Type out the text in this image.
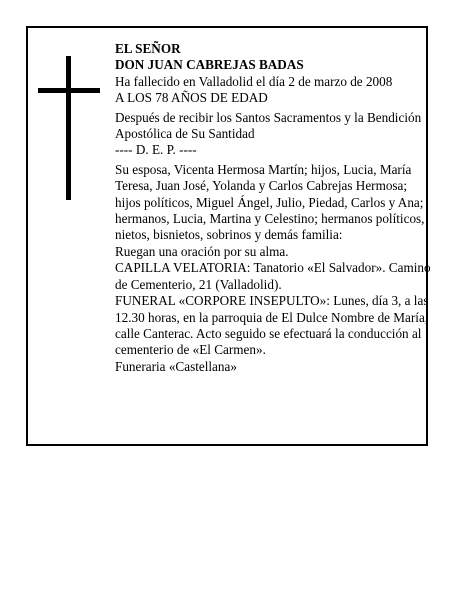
EL SEÑOR

DON JUAN CABREJAS BADAS

Ha fallecido en Valladolid el día 2 de marzo de 2008

A LOS 78 AÑOS DE EDAD

Después de recibir los Santos Sacramentos y la Bendición Apostólica de Su Santidad

---- D. E. P. ----

Su esposa, Vicenta Hermosa Martín; hijos, Lucia, María Teresa, Juan José, Yolanda y Carlos Cabrejas Hermosa; hijos políticos, Miguel Ángel, Julio, Piedad, Carlos y Ana; hermanos, Lucia, Martina y Celestino; hermanos políticos, nietos, bisnietos, sobrinos y demás familia:

Ruegan una oración por su alma.

CAPILLA VELATORIA: Tanatorio «El Salvador». Camino de Cementerio, 21 (Valladolid).

FUNERAL «CORPORE INSEPULTO»: Lunes, día 3, a las 12.30 horas, en la parroquia de El Dulce Nombre de María, calle Canterac. Acto seguido se efectuará la conducción al cementerio de «El Carmen».

Funeraria «Castellana»
